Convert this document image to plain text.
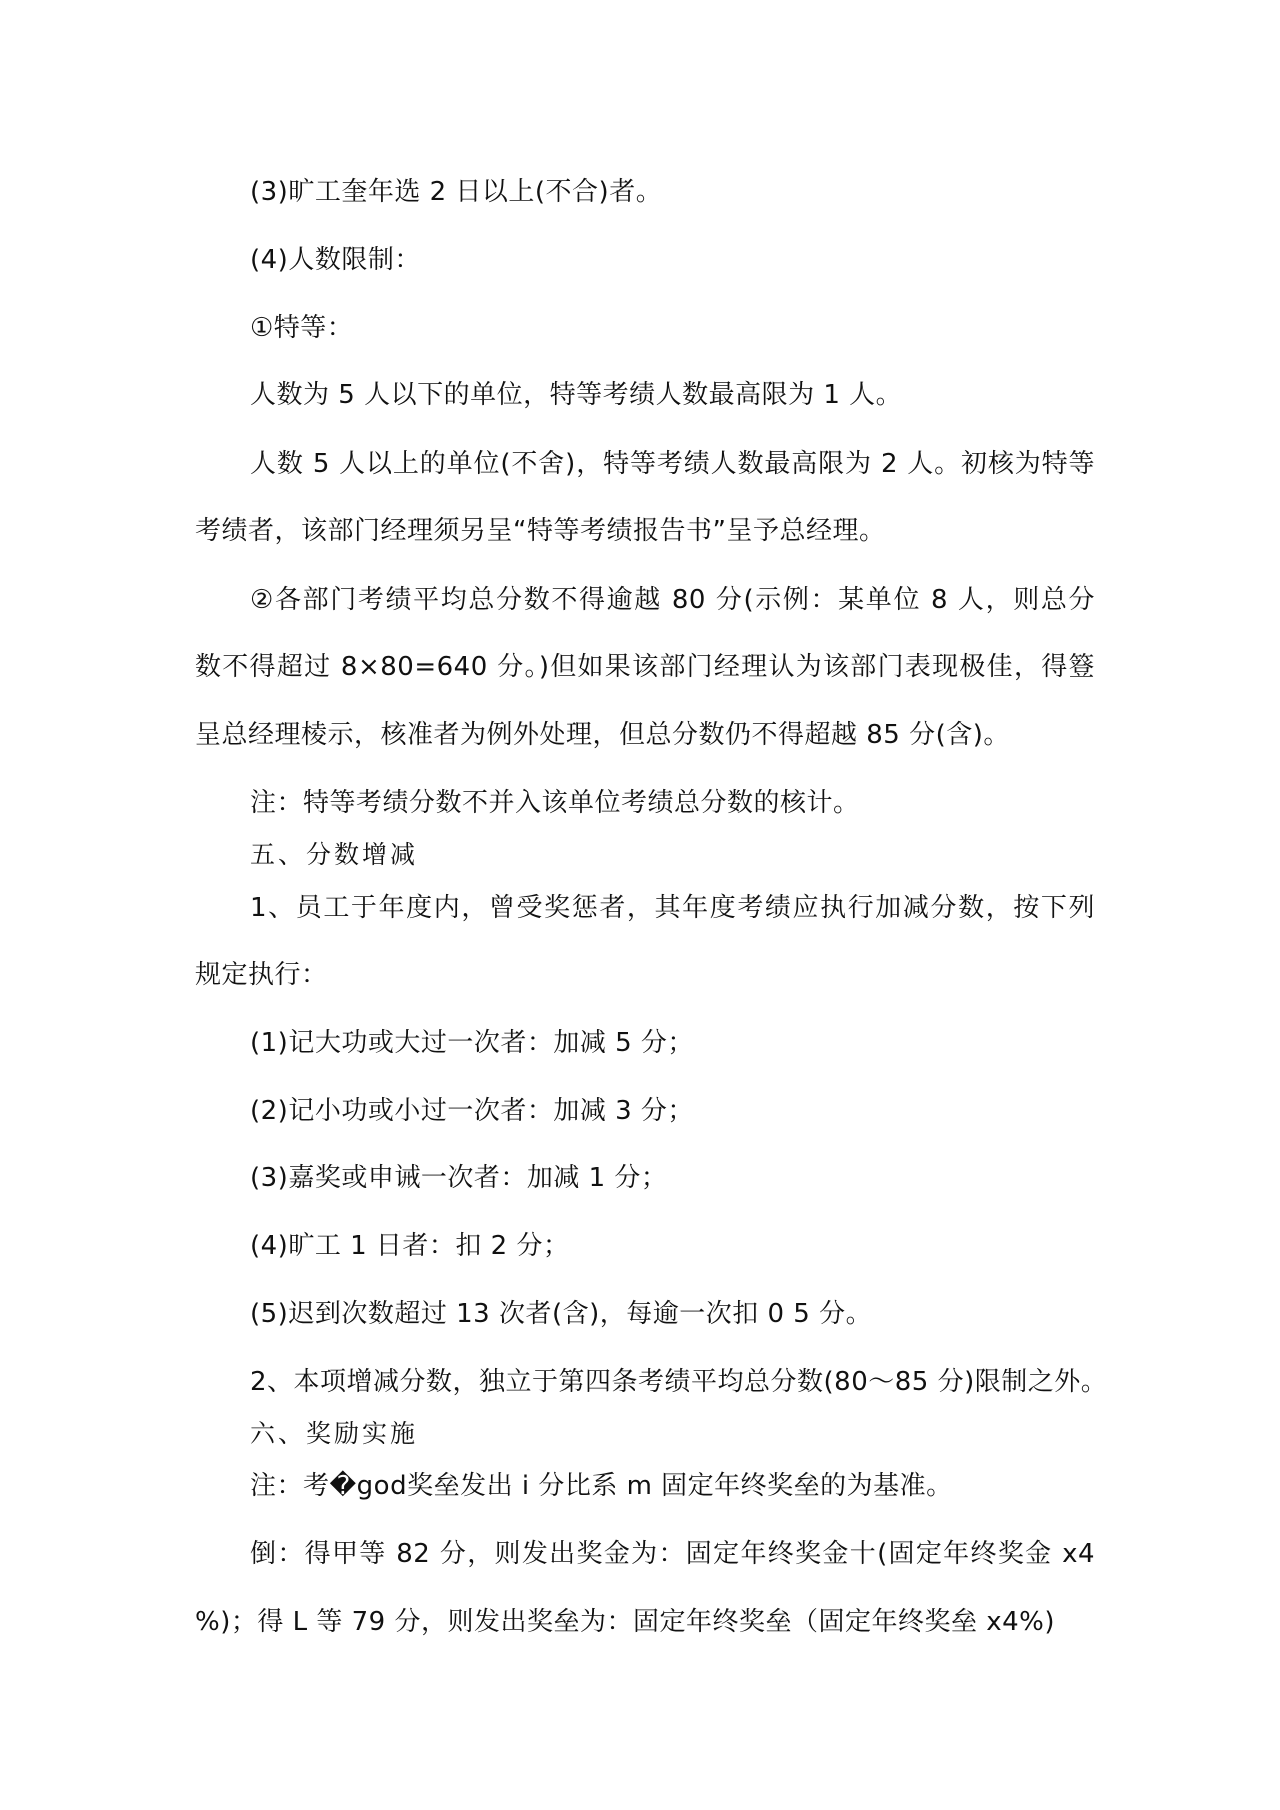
(3)旷工奎年选 2 日以上(不合)者。
(4)人数限制：
①特等：
人数为 5 人以下的单位，特等考绩人数最高限为 1 人。
人数 5 人以上的单位(不舍)，特等考绩人数最高限为 2 人。初核为特等
考绩者，该部门经理须另呈“特等考绩报告书”呈予总经理。
②各部门考绩平均总分数不得逾越 80 分(示例：某单位 8 人，则总分
数不得超过 8×80=640 分。)但如果该部门经理认为该部门表现极佳，得簦
呈总经理棱示，核准者为例外处理，但总分数仍不得超越 85 分(含)。
注：特等考绩分数不并入该单位考绩总分数的核计。
五、分数增减
1、员工于年度内，曾受奖惩者，其年度考绩应执行加减分数，按下列
规定执行：
(1)记大功或大过一次者：加减 5 分；
(2)记小功或小过一次者：加减 3 分；
(3)嘉奖或申诫一次者：加减 1 分；
(4)旷工 1 日者：扣 2 分；
(5)迟到次数超过 13 次者(含)，每逾一次扣 0 5 分。
2、本项增减分数，独立于第四条考绩平均总分数(80～85 分)限制之外。
六、奖励实施
注：考�god奖垒发出 i 分比系 m 固定年终奖垒的为基准。
倒：得甲等 82 分，则发出奖金为：固定年终奖金十(固定年终奖金 x4
%)；得 L 等 79 分，则发出奖垒为：固定年终奖垒（固定年终奖垒 x4%)
